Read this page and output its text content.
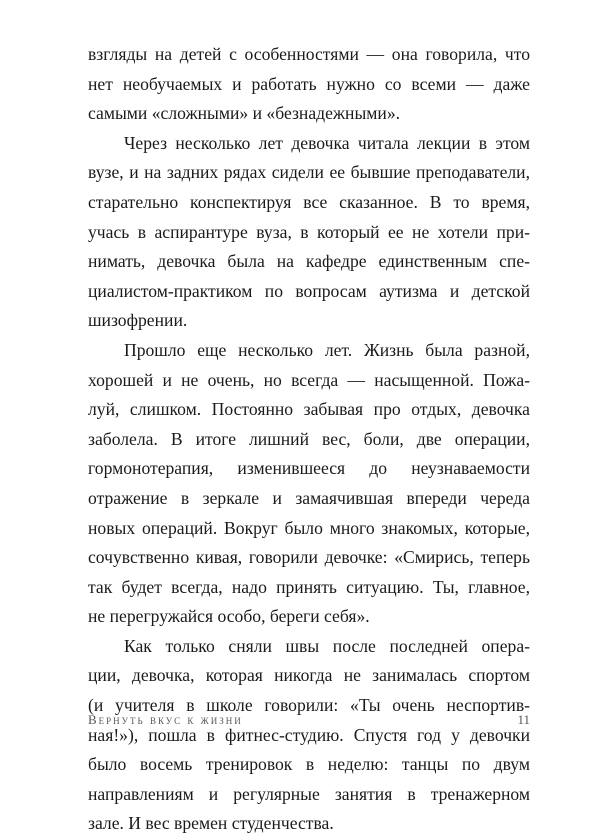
взгляды на детей с особенностями — она говорила, что
нет необучаемых и работать нужно со всеми — даже
самыми «сложными» и «безнадежными».
Через несколько лет девочка читала лекции в этом
вузе, и на задних рядах сидели ее бывшие преподаватели,
старательно конспектируя все сказанное. В то время,
учась в аспирантуре вуза, в который ее не хотели при-
нимать, девочка была на кафедре единственным спе-
циалистом-практиком по вопросам аутизма и детской
шизофрении.
Прошло еще несколько лет. Жизнь была разной,
хорошей и не очень, но всегда — насыщенной. Пожа-
луй, слишком. Постоянно забывая про отдых, девочка
заболела. В итоге лишний вес, боли, две операции,
гормонотерапия, изменившееся до неузнаваемости
отражение в зеркале и замаячившая впереди череда
новых операций. Вокруг было много знакомых, которые,
сочувственно кивая, говорили девочке: «Смирись, теперь
так будет всегда, надо принять ситуацию. Ты, главное,
не перегружайся особо, береги себя».
Как только сняли швы после последней опера-
ции, девочка, которая никогда не занималась спортом
(и учителя в школе говорили: «Ты очень неспортив-
ная!»), пошла в фитнес-студию. Спустя год у девочки
было восемь тренировок в неделю: танцы по двум
направлениям и регулярные занятия в тренажерном
зале. И вес времен студенчества.
Вернуть вкус к жизни	11
